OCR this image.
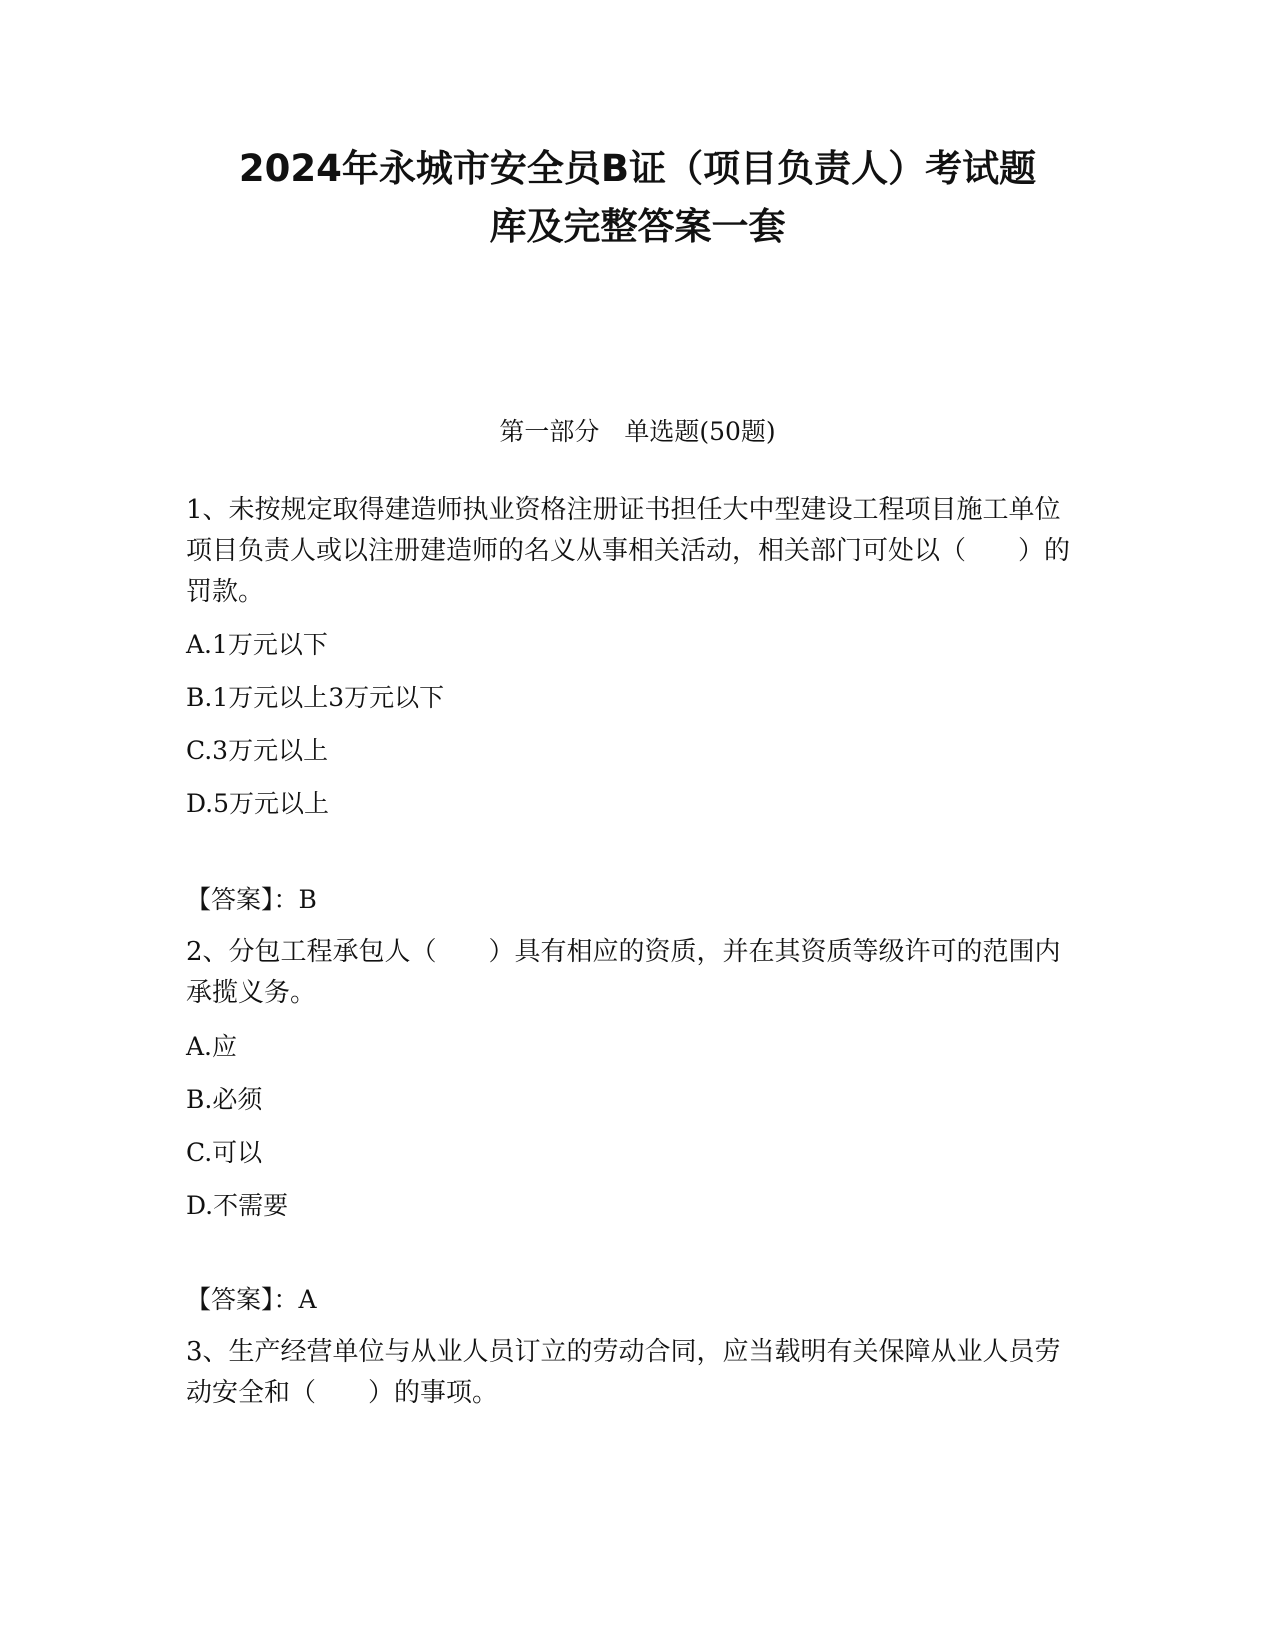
2024年永城市安全员B证（项目负责人）考试题
库及完整答案一套
第一部分　单选题(50题)

1、未按规定取得建造师执业资格注册证书担任大中型建设工程项目施工单位项目负责人或以注册建造师的名义从事相关活动，相关部门可处以（　　）的罚款。

A.1万元以下
B.1万元以上3万元以下
C.3万元以上
D.5万元以上
【答案】：B

2、分包工程承包人（　　）具有相应的资质，并在其资质等级许可的范围内承揽义务。

A.应
B.必须
C.可以
D.不需要
【答案】：A

3、生产经营单位与从业人员订立的劳动合同，应当载明有关保障从业人员劳动安全和（　　）的事项。
